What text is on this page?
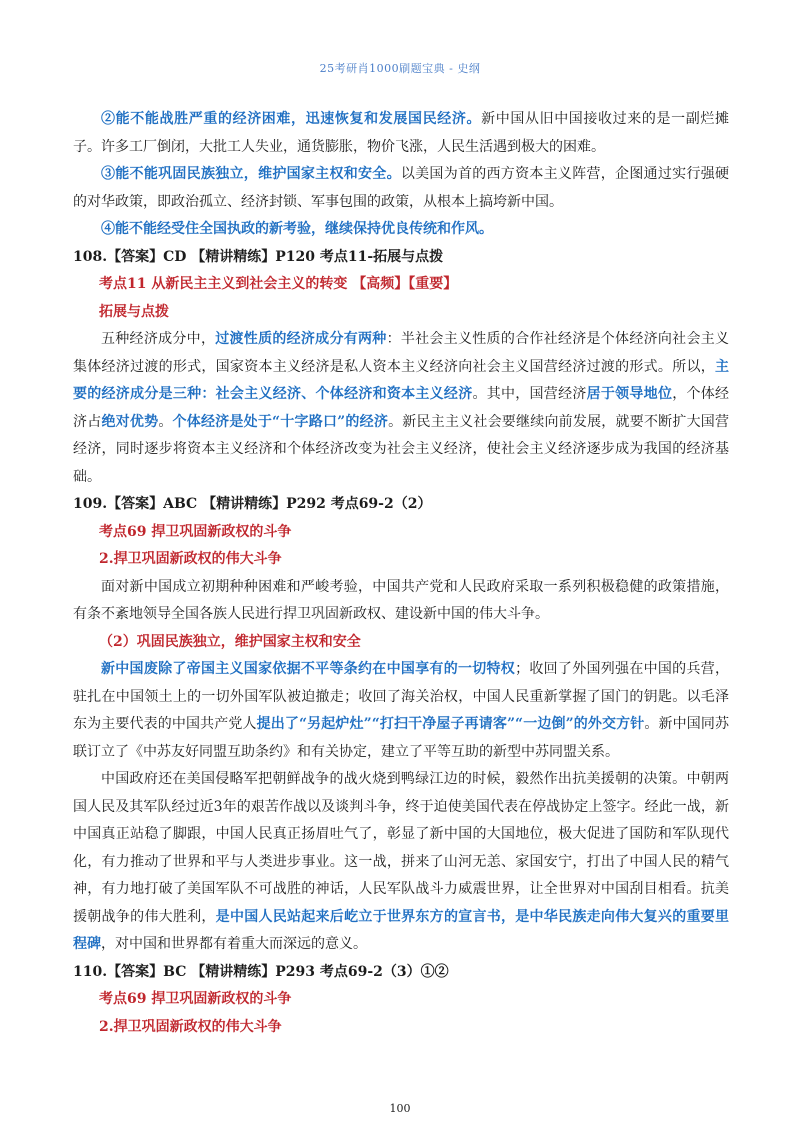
25考研肖1000刷题宝典 - 史纲

②能不能战胜严重的经济困难，迅速恢复和发展国民经济。新中国从旧中国接收过来的是一副烂摊子。许多工厂倒闭，大批工人失业，通货膨胀，物价飞涨，人民生活遇到极大的困难。

③能不能巩固民族独立，维护国家主权和安全。以美国为首的西方资本主义阵营，企图通过实行强硬的对华政策，即政治孤立、经济封锁、军事包围的政策，从根本上搞垮新中国。

④能不能经受住全国执政的新考验，继续保持优良传统和作风。

108.【答案】CD 【精讲精练】P120 考点11-拓展与点拨

考点11 从新民主主义到社会主义的转变 【高频】【重要】

拓展与点拨

五种经济成分中，过渡性质的经济成分有两种：半社会主义性质的合作社经济是个体经济向社会主义集体经济过渡的形式，国家资本主义经济是私人资本主义经济向社会主义国营经济过渡的形式。所以，主要的经济成分是三种：社会主义经济、个体经济和资本主义经济。其中，国营经济居于领导地位，个体经济占绝对优势。个体经济是处于“十字路口”的经济。新民主主义社会要继续向前发展，就要不断扩大国营经济，同时逐步将资本主义经济和个体经济改变为社会主义经济，使社会主义经济逐步成为我国的经济基础。

109.【答案】ABC 【精讲精练】P292 考点69-2（2）

考点69 捍卫巩固新政权的斗争

2.捍卫巩固新政权的伟大斗争

面对新中国成立初期种种困难和严峻考验，中国共产党和人民政府采取一系列积极稳健的政策措施，有条不紊地领导全国各族人民进行捍卫巩固新政权、建设新中国的伟大斗争。

（2）巩固民族独立，维护国家主权和安全

新中国废除了帝国主义国家依据不平等条约在中国享有的一切特权；收回了外国列强在中国的兵营，驻扎在中国领土上的一切外国军队被迫撤走；收回了海关治权，中国人民重新掌握了国门的钥匙。以毛泽东为主要代表的中国共产党人提出了“另起炉灶”“打扫干净屋子再请客”“一边倒”的外交方针。新中国同苏联订立了《中苏友好同盟互助条约》和有关协定，建立了平等互助的新型中苏同盟关系。

中国政府还在美国侵略军把朝鲜战争的战火烧到鸭绿江边的时候，毅然作出抗美援朝的决策。中朝两国人民及其军队经过近3年的艰苦作战以及谈判斗争，终于迫使美国代表在停战协定上签字。经此一战，新中国真正站稳了脚跟，中国人民真正扬眉吐气了，彰显了新中国的大国地位，极大促进了国防和军队现代化，有力推动了世界和平与人类进步事业。这一战，拼来了山河无恙、家国安宁，打出了中国人民的精气神，有力地打破了美国军队不可战胜的神话，人民军队战斗力威震世界，让全世界对中国刮目相看。抗美援朝战争的伟大胜利，是中国人民站起来后屹立于世界东方的宣言书，是中华民族走向伟大复兴的重要里程碑，对中国和世界都有着重大而深远的意义。

110.【答案】BC 【精讲精练】P293 考点69-2（3）①②

考点69 捍卫巩固新政权的斗争

2.捍卫巩固新政权的伟大斗争

100
